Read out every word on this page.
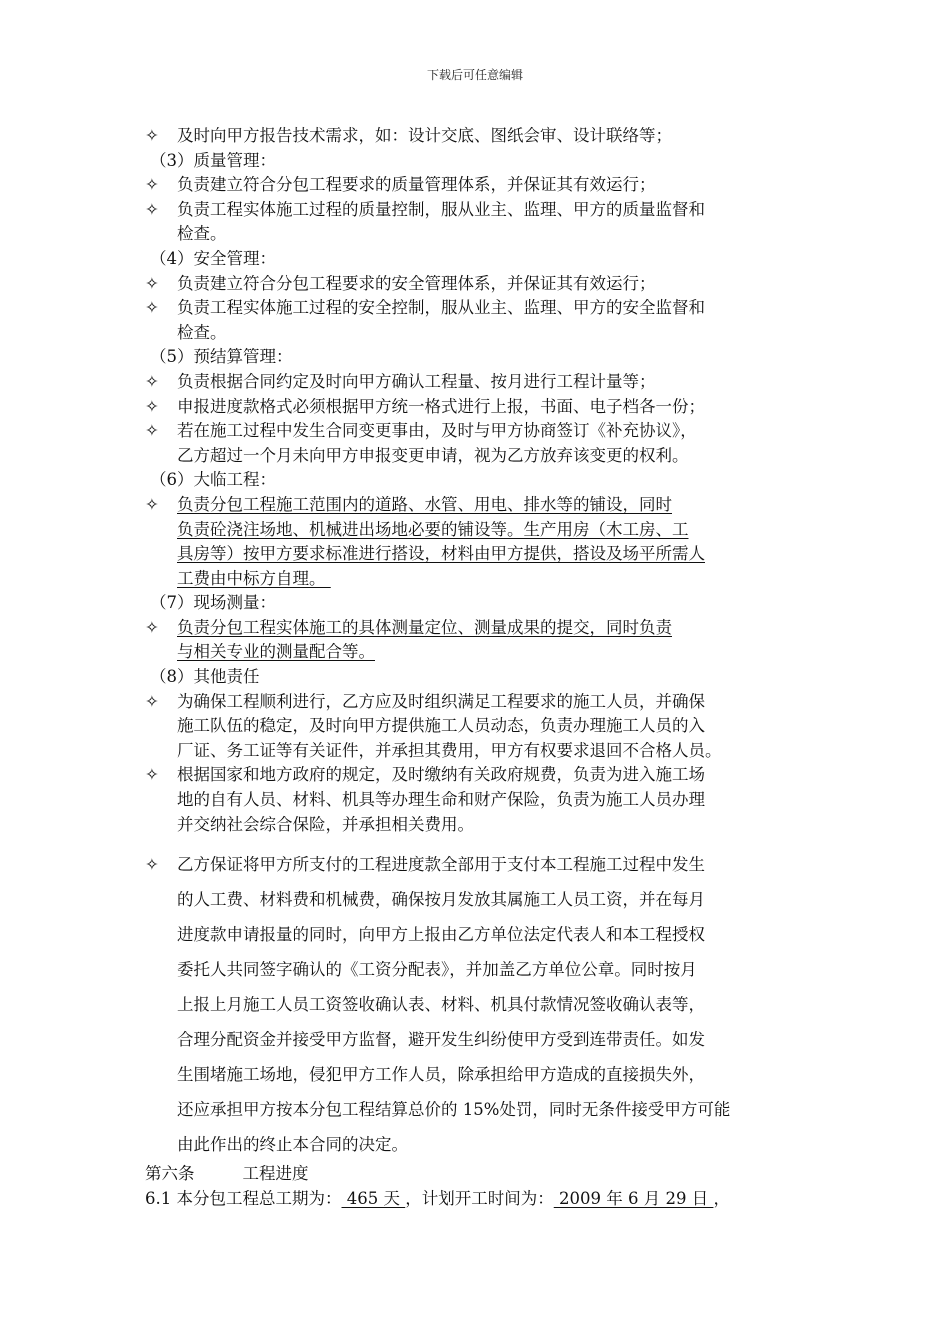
下载后可任意编辑
✧	及时向甲方报告技术需求，如：设计交底、图纸会审、设计联络等；
（3）质量管理：
✧	负责建立符合分包工程要求的质量管理体系，并保证其有效运行；
✧	负责工程实体施工过程的质量控制，服从业主、监理、甲方的质量监督和
检查。
（4）安全管理：
✧	负责建立符合分包工程要求的安全管理体系，并保证其有效运行；
✧	负责工程实体施工过程的安全控制，服从业主、监理、甲方的安全监督和
检查。
（5）预结算管理：
✧	负责根据合同约定及时向甲方确认工程量、按月进行工程计量等；
✧	申报进度款格式必须根据甲方统一格式进行上报，书面、电子档各一份；
✧	若在施工过程中发生合同变更事由，及时与甲方协商签订《补充协议》，
乙方超过一个月未向甲方申报变更申请，视为乙方放弃该变更的权利。
（6）大临工程：
✧	负责分包工程施工范围内的道路、水管、用电、排水等的铺设，同时
负责砼浇注场地、机械进出场地必要的铺设等。生产用房（木工房、工
具房等）按甲方要求标准进行搭设，材料由甲方提供，搭设及场平所需人
工费由中标方自理。
（7）现场测量：
✧	负责分包工程实体施工的具体测量定位、测量成果的提交，同时负责
与相关专业的测量配合等。
（8）其他责任
✧	为确保工程顺利进行，乙方应及时组织满足工程要求的施工人员，并确保
施工队伍的稳定，及时向甲方提供施工人员动态，负责办理施工人员的入
厂证、务工证等有关证件，并承担其费用，甲方有权要求退回不合格人员。
✧	根据国家和地方政府的规定，及时缴纳有关政府规费，负责为进入施工场
地的自有人员、材料、机具等办理生命和财产保险，负责为施工人员办理
并交纳社会综合保险，并承担相关费用。
✧	乙方保证将甲方所支付的工程进度款全部用于支付本工程施工过程中发生
的人工费、材料费和机械费，确保按月发放其属施工人员工资，并在每月
进度款申请报量的同时，向甲方上报由乙方单位法定代表人和本工程授权
委托人共同签字确认的《工资分配表》，并加盖乙方单位公章。同时按月
上报上月施工人员工资签收确认表、材料、机具付款情况签收确认表等，
合理分配资金并接受甲方监督，避开发生纠纷使甲方受到连带责任。如发
生围堵施工场地，侵犯甲方工作人员，除承担给甲方造成的直接损失外，
还应承担甲方按本分包工程结算总价的 15%处罚，同时无条件接受甲方可能
由此作出的终止本合同的决定。
第六条	工程进度
6.1 本分包工程总工期为： 465 天 ，计划开工时间为： 2009 年 6 月 29 日 ，
